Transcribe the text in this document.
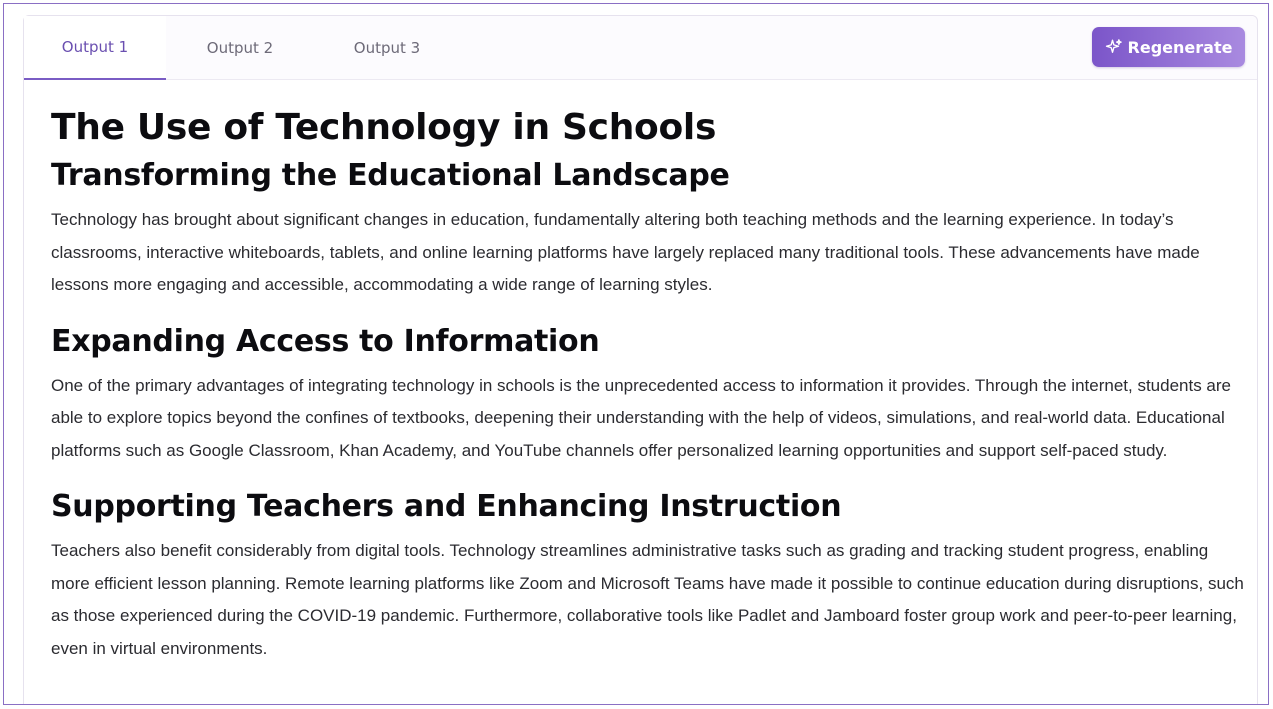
Output 1	Output 2	Output 3	Regenerate
The Use of Technology in Schools
Transforming the Educational Landscape

Technology has brought about significant changes in education, fundamentally altering both teaching methods and the learning experience. In today’s classrooms, interactive whiteboards, tablets, and online learning platforms have largely replaced many traditional tools. These advancements have made lessons more engaging and accessible, accommodating a wide range of learning styles.

Expanding Access to Information

One of the primary advantages of integrating technology in schools is the unprecedented access to information it provides. Through the internet, students are able to explore topics beyond the confines of textbooks, deepening their understanding with the help of videos, simulations, and real-world data. Educational platforms such as Google Classroom, Khan Academy, and YouTube channels offer personalized learning opportunities and support self-paced study.

Supporting Teachers and Enhancing Instruction

Teachers also benefit considerably from digital tools. Technology streamlines administrative tasks such as grading and tracking student progress, enabling more efficient lesson planning. Remote learning platforms like Zoom and Microsoft Teams have made it possible to continue education during disruptions, such as those experienced during the COVID-19 pandemic. Furthermore, collaborative tools like Padlet and Jamboard foster group work and peer-to-peer learning, even in virtual environments.
